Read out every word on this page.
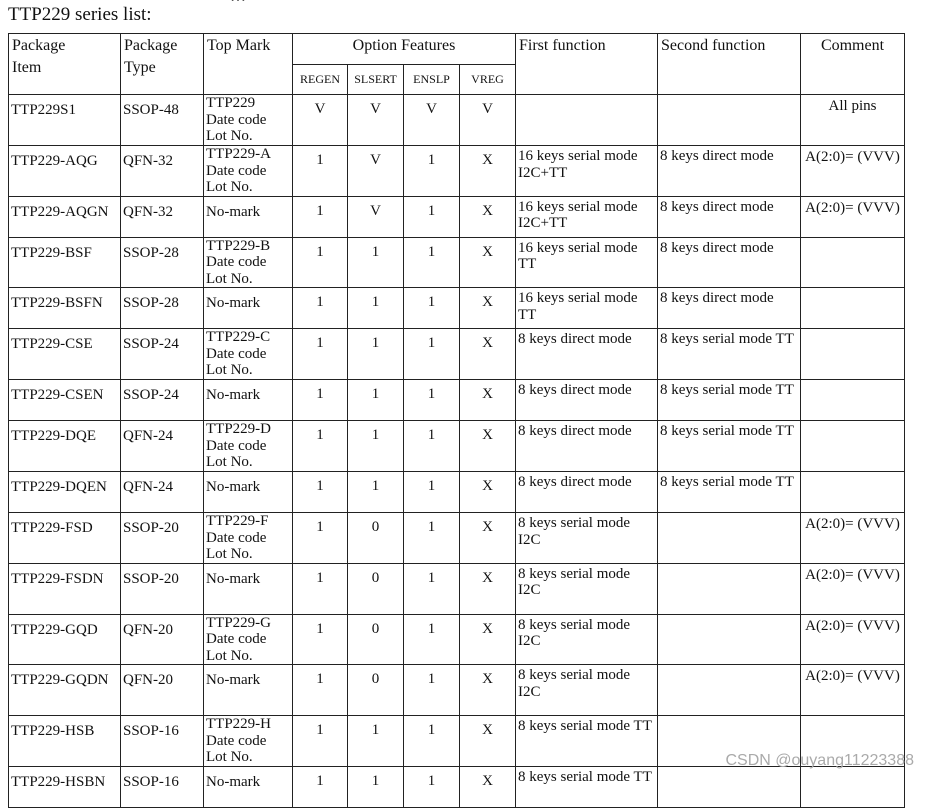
TTP229 series list:
Package
Item	Package
Type	Top Mark	Option Features				First function	Second function	Comment

			REGEN	SLSERT	ENSLP	VREG			

TTP229S1	SSOP-48	TTP229
Date code
Lot No.	V	V	V	V			All pins

TTP229-AQG	QFN-32	TTP229-A
Date code
Lot No.	1	V	1	X	16 keys serial mode I2C+TT	8 keys direct mode	A(2:0)= (VVV)

TTP229-AQGN	QFN-32	No-mark	1	V	1	X	16 keys serial mode I2C+TT	8 keys direct mode	A(2:0)= (VVV)

TTP229-BSF	SSOP-28	TTP229-B
Date code
Lot No.	1	1	1	X	16 keys serial mode TT	8 keys direct mode	

TTP229-BSFN	SSOP-28	No-mark	1	1	1	X	16 keys serial mode TT	8 keys direct mode	

TTP229-CSE	SSOP-24	TTP229-C
Date code
Lot No.	1	1	1	X	8 keys direct mode	8 keys serial mode TT	

TTP229-CSEN	SSOP-24	No-mark	1	1	1	X	8 keys direct mode	8 keys serial mode TT	

TTP229-DQE	QFN-24	TTP229-D
Date code
Lot No.	1	1	1	X	8 keys direct mode	8 keys serial mode TT	

TTP229-DQEN	QFN-24	No-mark	1	1	1	X	8 keys direct mode	8 keys serial mode TT	

TTP229-FSD	SSOP-20	TTP229-F
Date code
Lot No.	1	0	1	X	8 keys serial mode I2C		A(2:0)= (VVV)

TTP229-FSDN	SSOP-20	No-mark	1	0	1	X	8 keys serial mode I2C		A(2:0)= (VVV)

TTP229-GQD	QFN-20	TTP229-G
Date code
Lot No.	1	0	1	X	8 keys serial mode I2C		A(2:0)= (VVV)

TTP229-GQDN	QFN-20	No-mark	1	0	1	X	8 keys serial mode I2C		A(2:0)= (VVV)

TTP229-HSB	SSOP-16	TTP229-H
Date code
Lot No.	1	1	1	X	8 keys serial mode TT		

TTP229-HSBN	SSOP-16	No-mark	1	1	1	X	8 keys serial mode TT		

CSDN @ouyang11223388
